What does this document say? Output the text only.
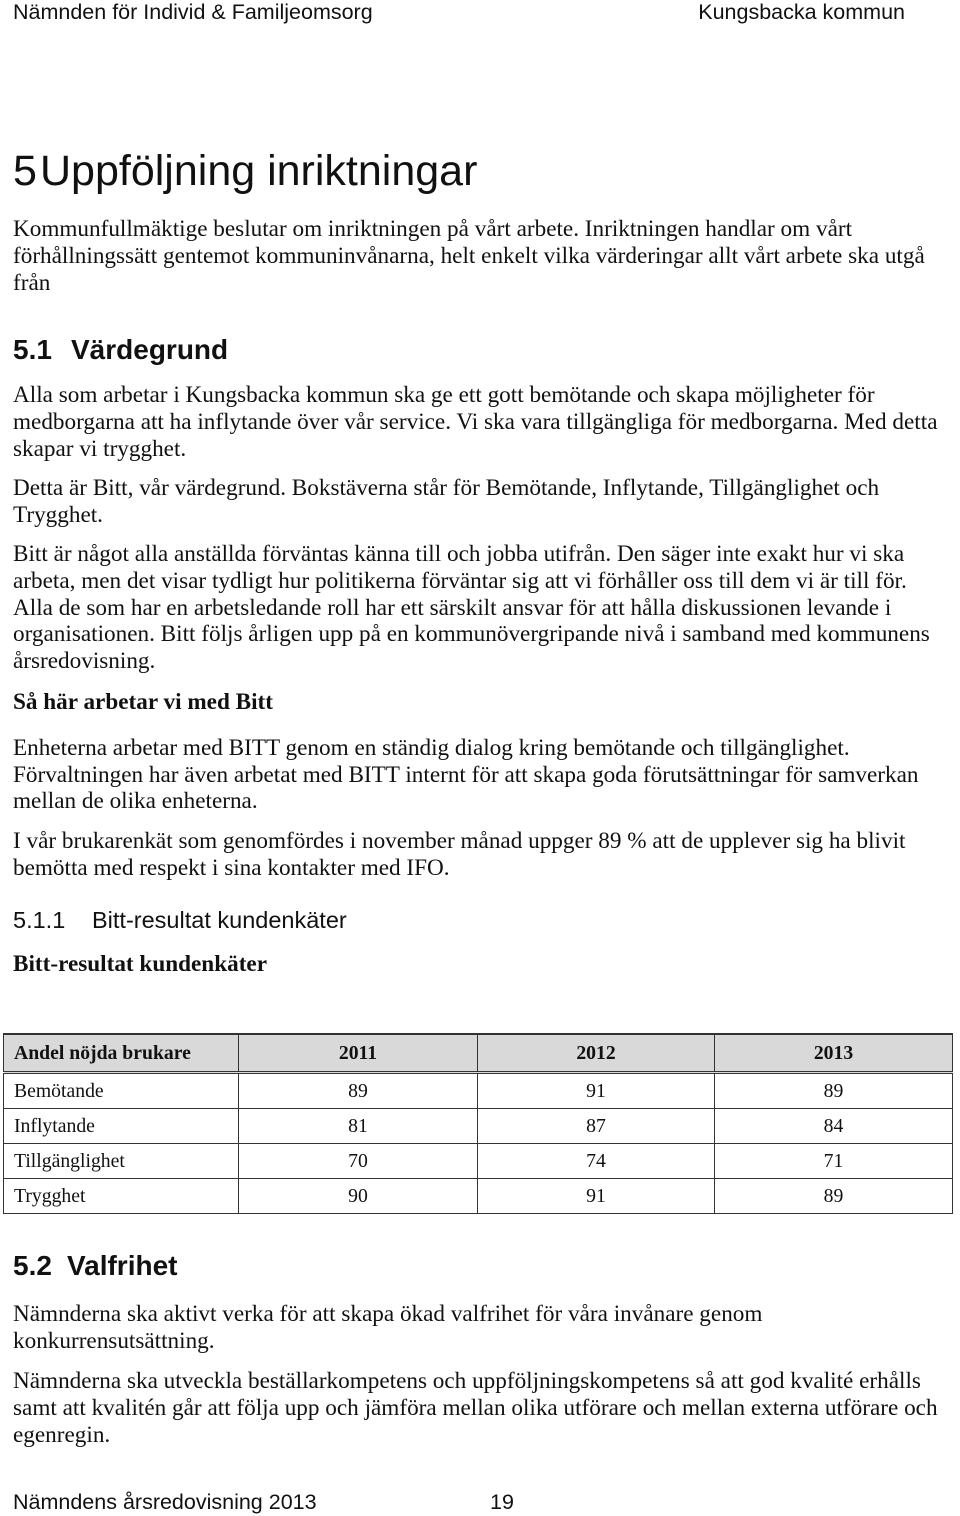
Nämnden för Individ & Familjeomsorg	Kungsbacka kommun
5 Uppföljning inriktningar
Kommunfullmäktige beslutar om inriktningen på vårt arbete. Inriktningen handlar om vårt
förhållningssätt gentemot kommuninvånarna, helt enkelt vilka värderingar allt vårt arbete ska utgå
från
5.1 Värdegrund
Alla som arbetar i Kungsbacka kommun ska ge ett gott bemötande och skapa möjligheter för
medborgarna att ha inflytande över vår service. Vi ska vara tillgängliga för medborgarna. Med detta
skapar vi trygghet.
Detta är Bitt, vår värdegrund. Bokstäverna står för Bemötande, Inflytande, Tillgänglighet och
Trygghet.
Bitt är något alla anställda förväntas känna till och jobba utifrån. Den säger inte exakt hur vi ska
arbeta, men det visar tydligt hur politikerna förväntar sig att vi förhåller oss till dem vi är till för.
Alla de som har en arbetsledande roll har ett särskilt ansvar för att hålla diskussionen levande i
organisationen. Bitt följs årligen upp på en kommunövergripande nivå i samband med kommunens
årsredovisning.
Så här arbetar vi med Bitt
Enheterna arbetar med BITT genom en ständig dialog kring bemötande och tillgänglighet.
Förvaltningen har även arbetat med BITT internt för att skapa goda förutsättningar för samverkan
mellan de olika enheterna.
I vår brukarenkät som genomfördes i november månad uppger 89 % att de upplever sig ha blivit
bemötta med respekt i sina kontakter med IFO.
5.1.1 Bitt-resultat kundenkäter
Bitt-resultat kundenkäter
Andel nöjda brukare	2011	2012	2013
Bemötande	89	91	89
Inflytande	81	87	84
Tillgänglighet	70	74	71
Trygghet	90	91	89
5.2 Valfrihet
Nämnderna ska aktivt verka för att skapa ökad valfrihet för våra invånare genom
konkurrensutsättning.
Nämnderna ska utveckla beställarkompetens och uppföljningskompetens så att god kvalité erhålls
samt att kvalitén går att följa upp och jämföra mellan olika utförare och mellan externa utförare och
egenregin.
Nämndens årsredovisning 2013	19
